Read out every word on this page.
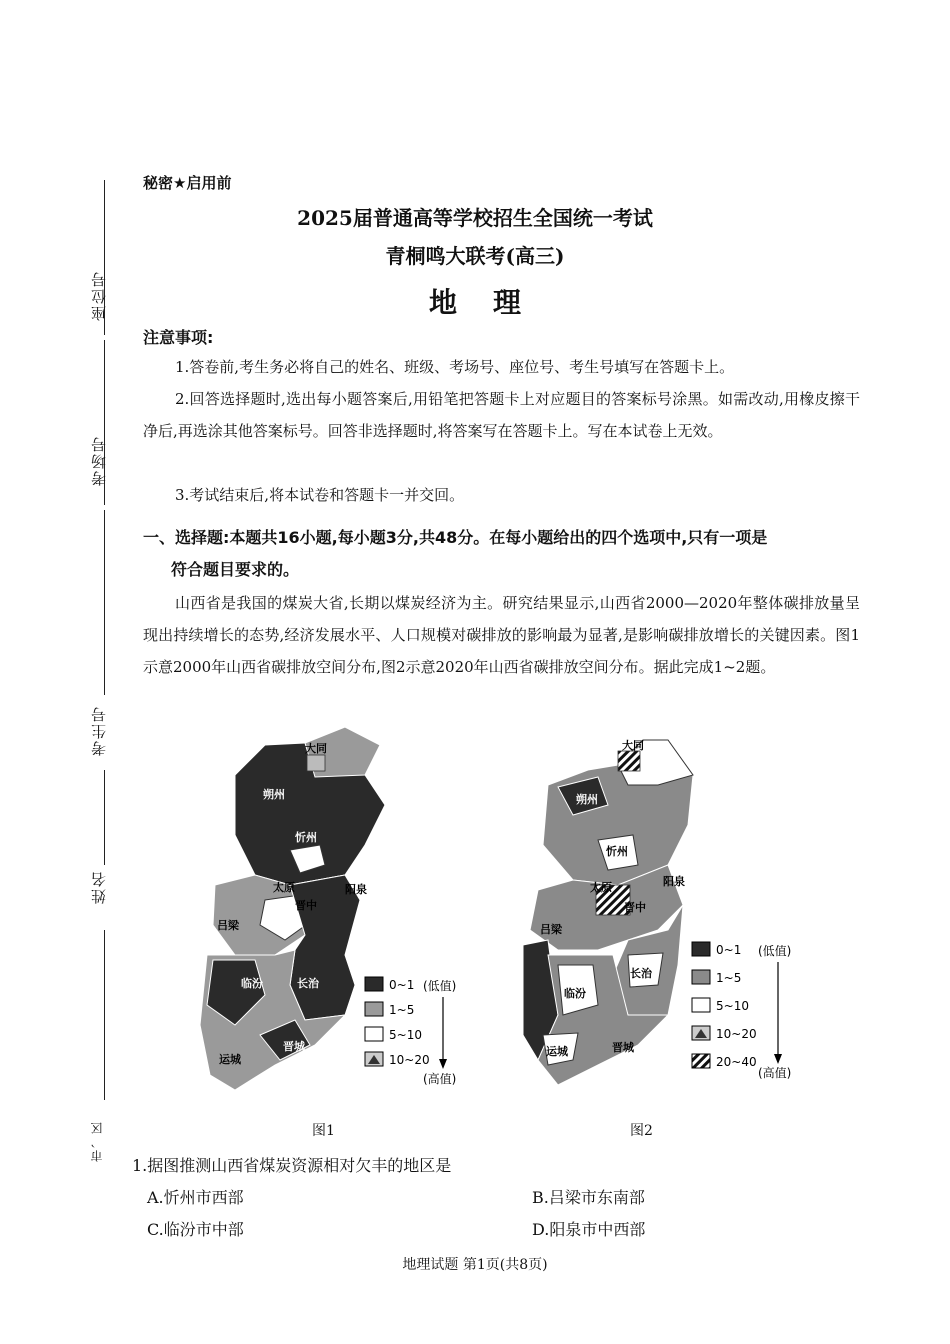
座位号
考场号
考生号
姓名
市、区
秘密★启用前
2025届普通高等学校招生全国统一考试
青桐鸣大联考(高三)
地理
注意事项:
1.答卷前,考生务必将自己的姓名、班级、考场号、座位号、考生号填写在答题卡上。
2.回答选择题时,选出每小题答案后,用铅笔把答题卡上对应题目的答案标号涂黑。如需改动,用橡皮擦干净后,再选涂其他答案标号。回答非选择题时,将答案写在答题卡上。写在本试卷上无效。
3.考试结束后,将本试卷和答题卡一并交回。
一、选择题:本题共16小题,每小题3分,共48分。在每小题给出的四个选项中,只有一项是
符合题目要求的。
山西省是我国的煤炭大省,长期以煤炭经济为主。研究结果显示,山西省2000—2020年整体碳排放量呈现出持续增长的态势,经济发展水平、人口规模对碳排放的影响最为显著,是影响碳排放增长的关键因素。图1示意2000年山西省碳排放空间分布,图2示意2020年山西省碳排放空间分布。据此完成1~2题。
大同
朔州
忻州
太原	阳泉
晋中
吕梁
临汾	长治
晋城
运城
0~1
1~5
5~10
10~20
(低值)
(高值)
图1
大同
朔州
忻州
太原	阳泉
晋中
吕梁
临汾
长治
晋城
运城
0~1
1~5
5~10
10~20
20~40
(低值)
(高值)
图2
1.据图推测山西省煤炭资源相对欠丰的地区是
A.忻州市西部	B.吕梁市东南部
C.临汾市中部	D.阳泉市中西部
地理试题 第1页(共8页)
